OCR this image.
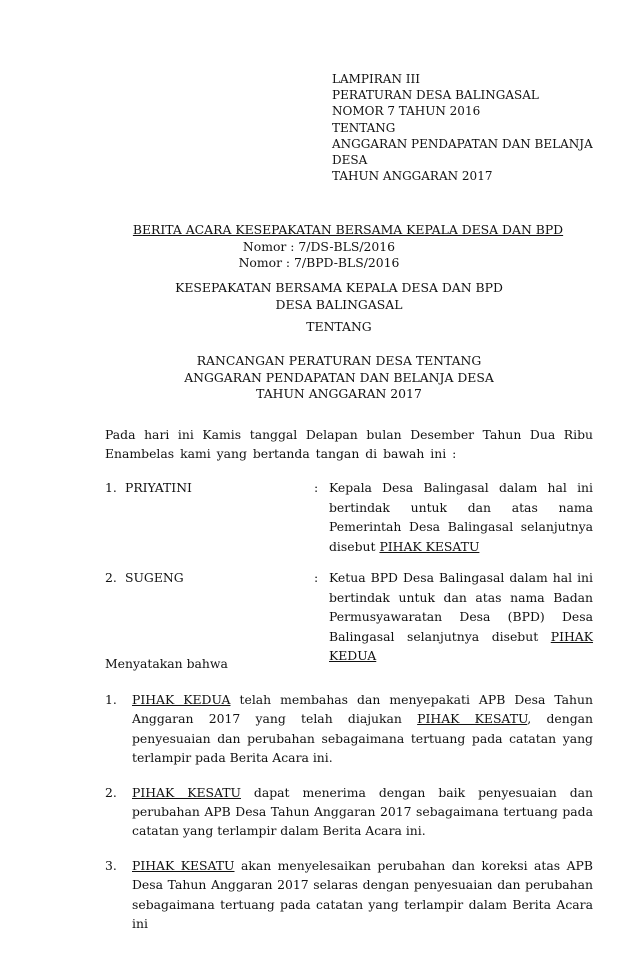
LAMPIRAN III
PERATURAN DESA BALINGASAL
NOMOR 7 TAHUN 2016
TENTANG
ANGGARAN PENDAPATAN DAN BELANJA DESA
TAHUN ANGGARAN 2017
BERITA ACARA KESEPAKATAN BERSAMA KEPALA DESA DAN BPD
Nomor : 7/DS-BLS/2016
Nomor : 7/BPD-BLS/2016
KESEPAKATAN BERSAMA KEPALA DESA DAN BPD
DESA BALINGASAL
TENTANG
RANCANGAN PERATURAN DESA TENTANG
ANGGARAN PENDAPATAN DAN BELANJA DESA
TAHUN ANGGARAN 2017
Pada hari ini Kamis tanggal Delapan bulan Desember Tahun Dua Ribu Enambelas kami yang bertanda tangan di bawah ini :
1. PRIYATINI	: Kepala Desa Balingasal dalam hal ini bertindak untuk dan atas nama Pemerintah Desa Balingasal selanjutnya disebut PIHAK KESATU
2. SUGENG	: Ketua BPD Desa Balingasal dalam hal ini bertindak untuk dan atas nama Badan Permusyawaratan Desa (BPD) Desa Balingasal selanjutnya disebut PIHAK KEDUA
Menyatakan bahwa
1. PIHAK KEDUA telah membahas dan menyepakati APB Desa Tahun Anggaran 2017 yang telah diajukan PIHAK KESATU, dengan penyesuaian dan perubahan sebagaimana tertuang pada catatan yang terlampir pada Berita Acara ini.
2. PIHAK KESATU dapat menerima dengan baik penyesuaian dan perubahan APB Desa Tahun Anggaran 2017 sebagaimana tertuang pada catatan yang terlampir dalam Berita Acara ini.
3. PIHAK KESATU akan menyelesaikan perubahan dan koreksi atas APB Desa Tahun Anggaran 2017 selaras dengan penyesuaian dan perubahan sebagaimana tertuang pada catatan yang terlampir dalam Berita Acara ini
